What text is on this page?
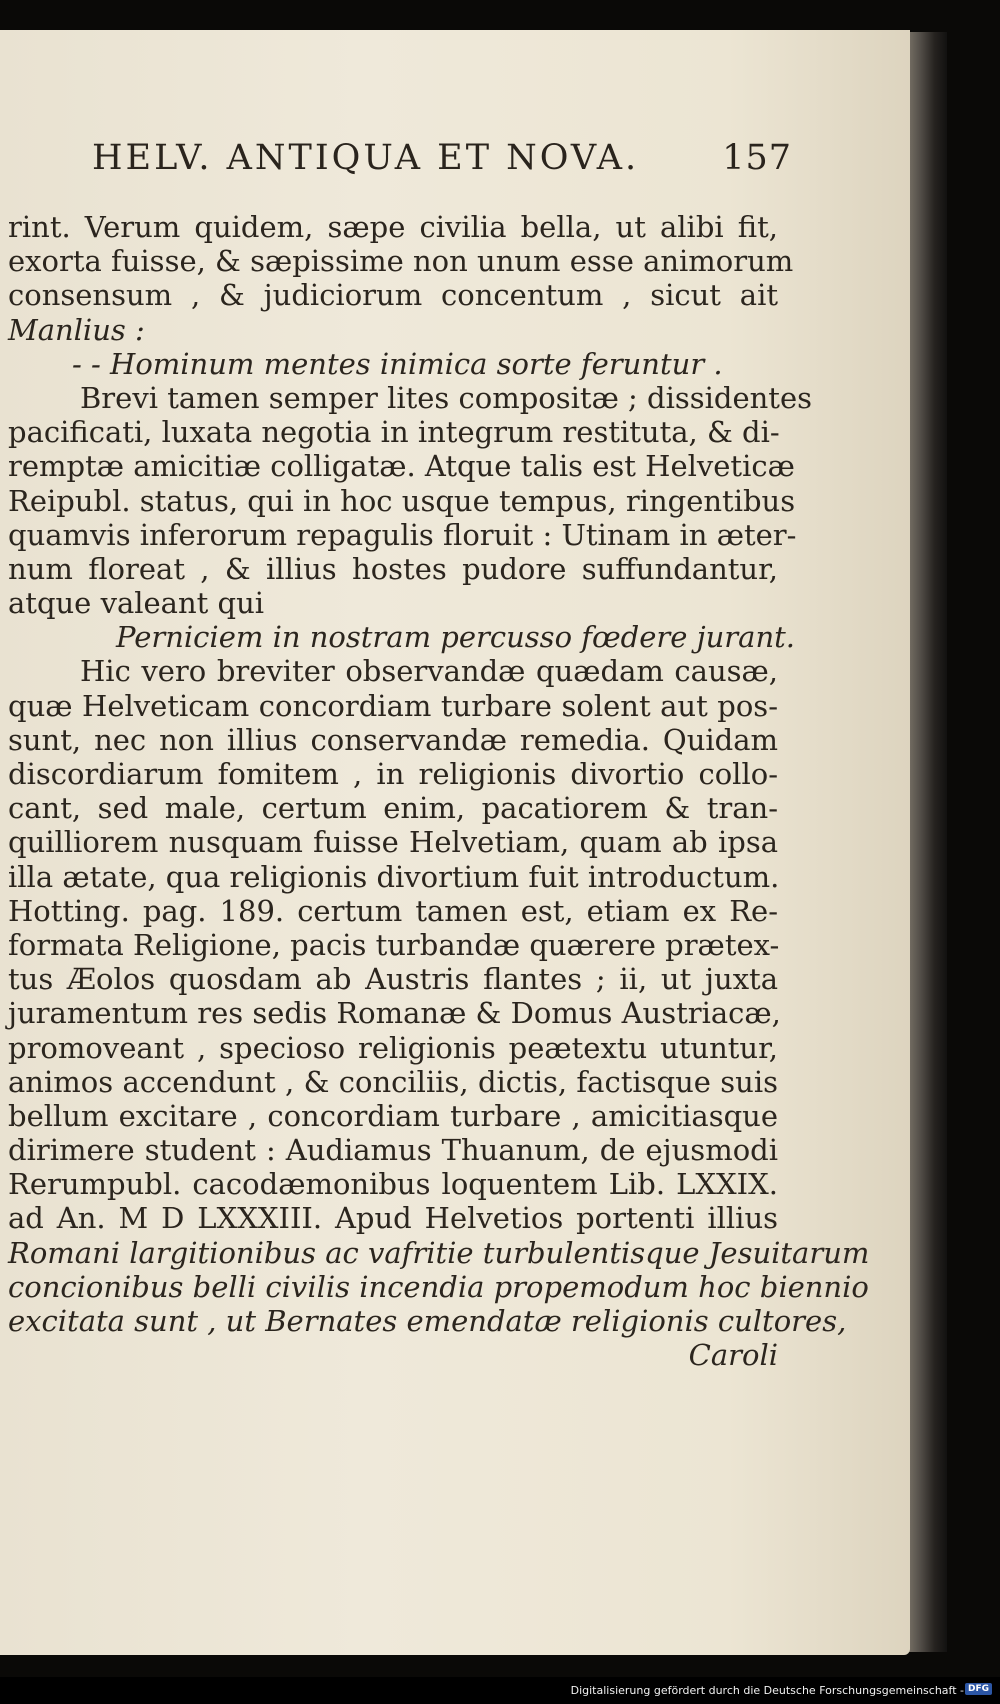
HELV. ANTIQUA ET NOVA. 157
rint. Verum quidem, sæpe civilia bella, ut alibi fit,
exorta fuisse, & sæpissime non unum esse animorum
consensum , & judiciorum concentum , sicut ait
Manlius :
- - Hominum mentes inimica sorte feruntur .
Brevi tamen semper lites compositæ ; dissidentes
pacificati, luxata negotia in integrum restituta, & di-
remptæ amicitiæ colligatæ. Atque talis est Helveticæ
Reipubl. status, qui in hoc usque tempus, ringentibus
quamvis inferorum repagulis floruit : Utinam in æter-
num floreat , & illius hostes pudore suffundantur,
atque valeant qui
Perniciem in nostram percusso fœdere jurant.
Hic vero breviter observandæ quædam causæ,
quæ Helveticam concordiam turbare solent aut pos-
sunt, nec non illius conservandæ remedia. Quidam
discordiarum fomitem , in religionis divortio collo-
cant, sed male, certum enim, pacatiorem & tran-
quilliorem nusquam fuisse Helvetiam, quam ab ipsa
illa ætate, qua religionis divortium fuit introductum.
Hotting. pag. 189. certum tamen est, etiam ex Re-
formata Religione, pacis turbandæ quærere prætex-
tus Æolos quosdam ab Austris flantes ; ii, ut juxta
juramentum res sedis Romanæ & Domus Austriacæ,
promoveant , specioso religionis peætextu utuntur,
animos accendunt , & conciliis, dictis, factisque suis
bellum excitare , concordiam turbare , amicitiasque
dirimere student : Audiamus Thuanum, de ejusmodi
Rerumpubl. cacodæmonibus loquentem Lib. LXXIX.
ad An. M D LXXXIII. Apud Helvetios portenti illius
Romani largitionibus ac vafritie turbulentisque Jesuitarum
concionibus belli civilis incendia propemodum hoc biennio
excitata sunt , ut Bernates emendatæ religionis cultores,
Caroli
Digitalisierung gefördert durch die Deutsche Forschungsgemeinschaft - DFG
